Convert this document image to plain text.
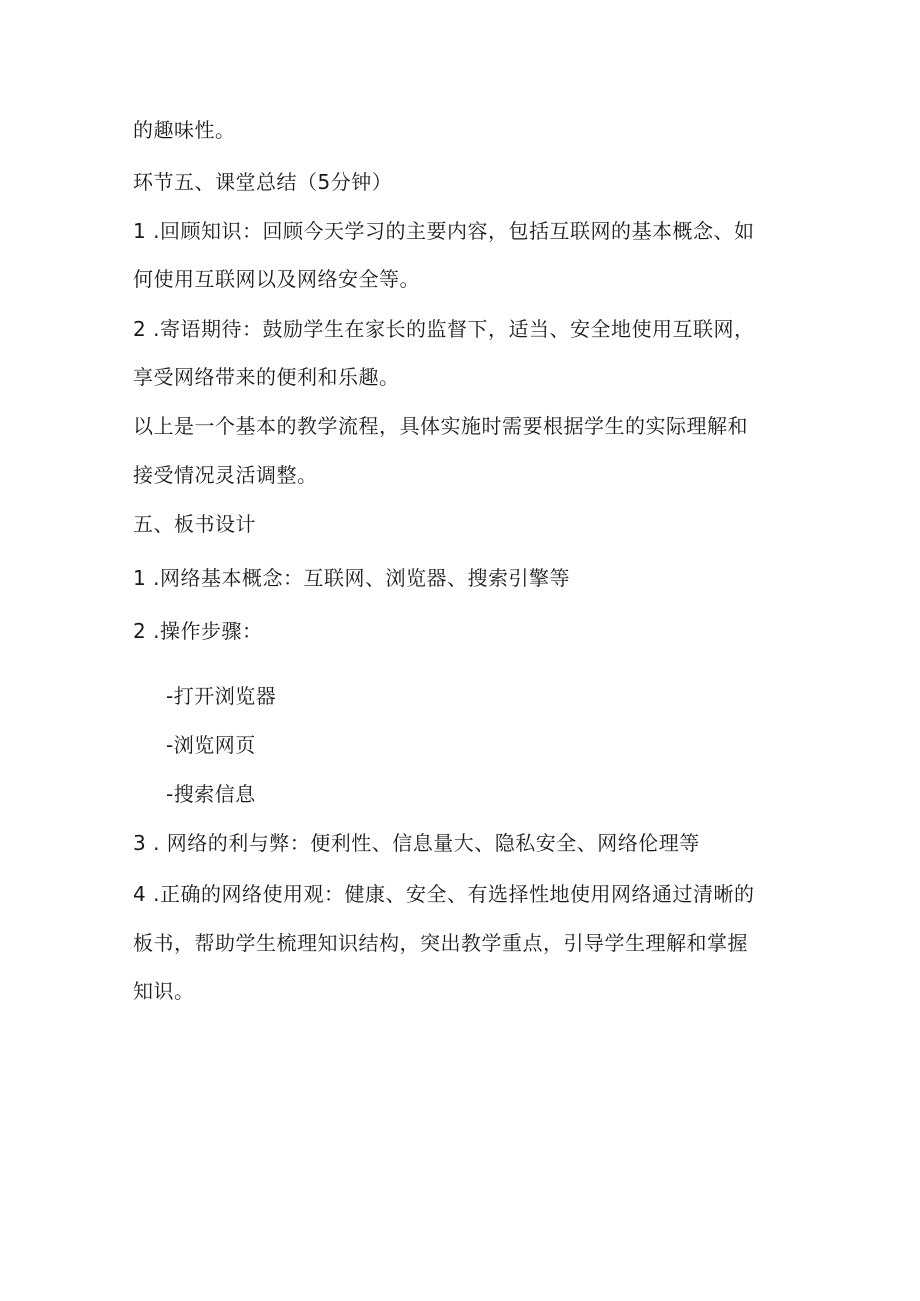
的趣味性。
环节五、课堂总结（5分钟）
1 .回顾知识：回顾今天学习的主要内容，包括互联网的基本概念、如
何使用互联网以及网络安全等。
2 .寄语期待：鼓励学生在家长的监督下，适当、安全地使用互联网，
享受网络带来的便利和乐趣。
以上是一个基本的教学流程，具体实施时需要根据学生的实际理解和
接受情况灵活调整。
五、板书设计
1 .网络基本概念：互联网、浏览器、搜索引擎等
2 .操作步骤：
-打开浏览器
-浏览网页
-搜索信息
3 . 网络的利与弊：便利性、信息量大、隐私安全、网络伦理等
4 .正确的网络使用观：健康、安全、有选择性地使用网络通过清晰的
板书，帮助学生梳理知识结构，突出教学重点，引导学生理解和掌握
知识。
